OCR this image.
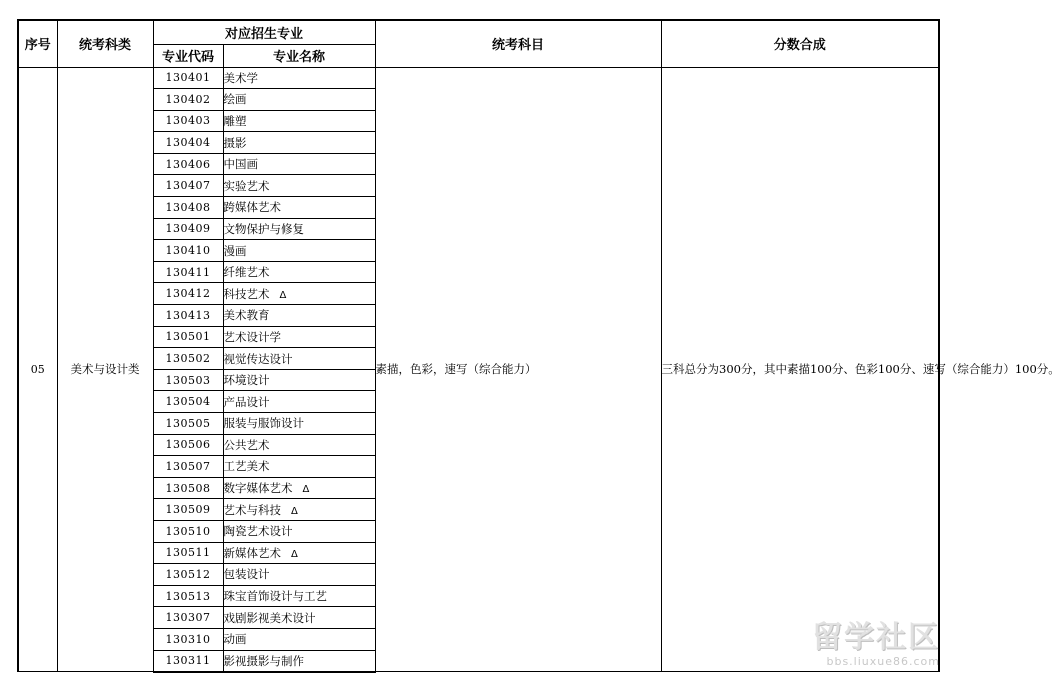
序号	统考科类	对应招生专业		统考科目	分数合成
		专业代码	专业名称		
05	美术与设计类	130401	美术学	素描，色彩，速写（综合能力）	三科总分为300分，其中素描100分、色彩100分、速写（综合能力）100分。
		130402	绘画		
		130403	雕塑		
		130404	摄影		
		130406	中国画		
		130407	实验艺术		
		130408	跨媒体艺术		
		130409	文物保护与修复		
		130410	漫画		
		130411	纤维艺术		
		130412	科技艺术 Δ		
		130413	美术教育		
		130501	艺术设计学		
		130502	视觉传达设计		
		130503	环境设计		
		130504	产品设计		
		130505	服装与服饰设计		
		130506	公共艺术		
		130507	工艺美术		
		130508	数字媒体艺术 Δ		
		130509	艺术与科技 Δ		
		130510	陶瓷艺术设计		
		130511	新媒体艺术 Δ		
		130512	包装设计		
		130513	珠宝首饰设计与工艺		
		130307	戏剧影视美术设计		
		130310	动画		
		130311	影视摄影与制作		
留学社区
bbs.liuxue86.com
